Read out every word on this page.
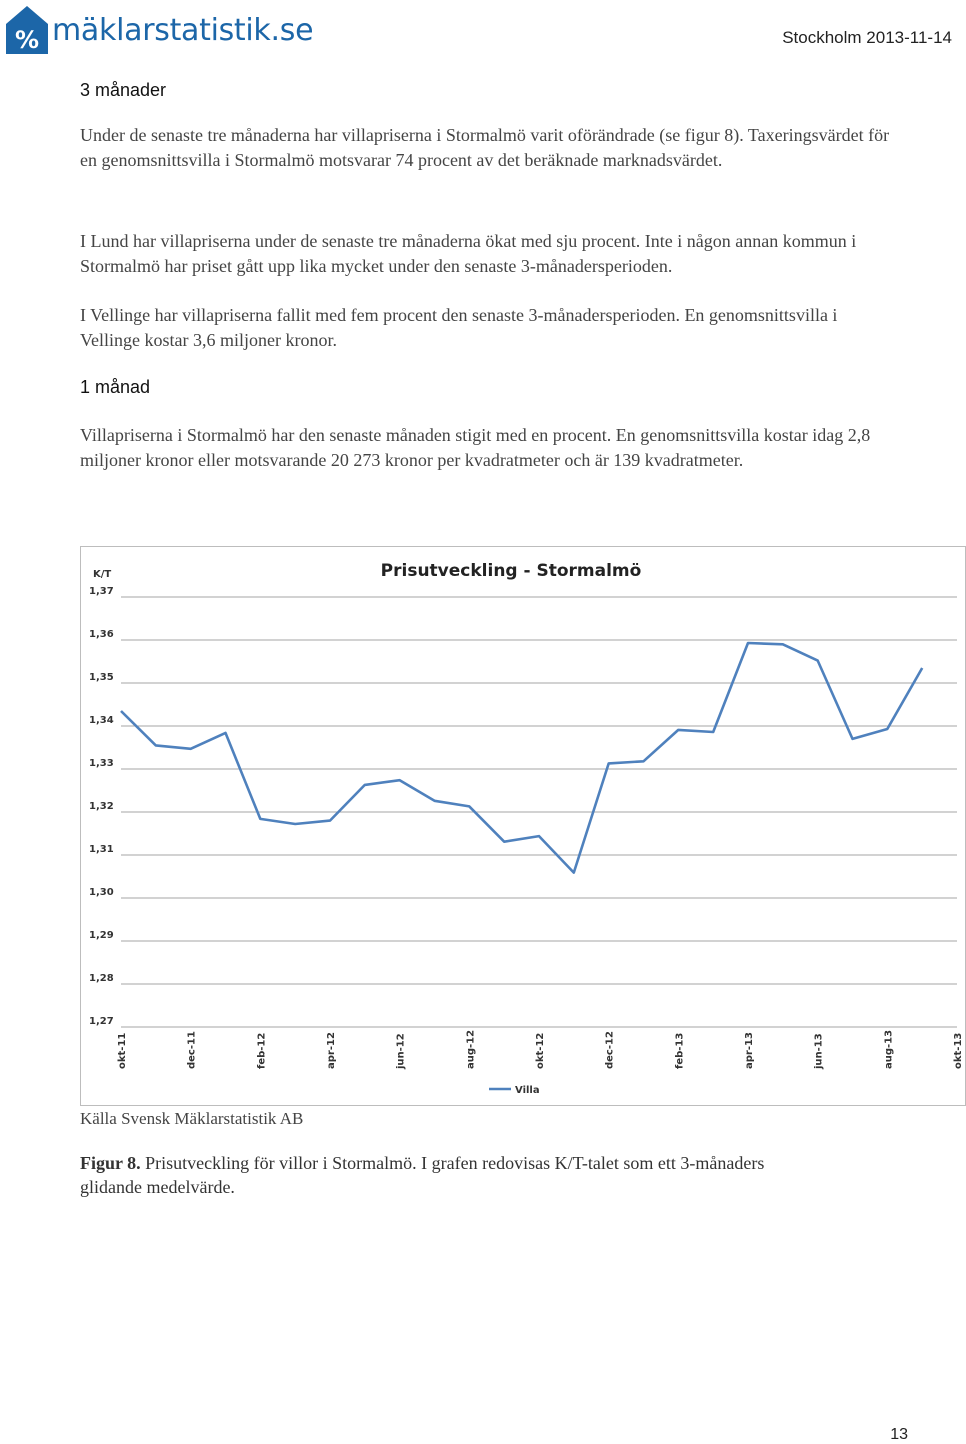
% mäklarstatistik.se	Stockholm 2013-11-14
3 månader

Under de senaste tre månaderna har villapriserna i Stormalmö varit oförändrade (se figur 8). Taxeringsvärdet för en genomsnittsvilla i Stormalmö motsvarar 74 procent av det beräknade marknadsvärdet.

I Lund har villapriserna under de senaste tre månaderna ökat med sju procent. Inte i någon annan kommun i Stormalmö har priset gått upp lika mycket under den senaste 3-månadersperioden.

I Vellinge har villapriserna fallit med fem procent den senaste 3-månadersperioden. En genomsnittsvilla i Vellinge kostar 3,6 miljoner kronor.

1 månad

Villapriserna i Stormalmö har den senaste månaden stigit med en procent. En genomsnittsvilla kostar idag 2,8 miljoner kronor eller motsvarande 20 273 kronor per kvadratmeter och är 139 kvadratmeter.

Prisutveckling - Stormalmö
K/T
1,27
1,28
1,29
1,30
1,31
1,32
1,33
1,34
1,35
1,36
1,37
okt-11	dec-11	feb-12	apr-12	jun-12	aug-12	okt-12	dec-12	feb-13	apr-13	jun-13	aug-13	okt-13
Villa
Källa Svensk Mäklarstatistik AB

Figur 8. Prisutveckling för villor i Stormalmö. I grafen redovisas K/T-talet som ett 3-månaders glidande medelvärde.

13
